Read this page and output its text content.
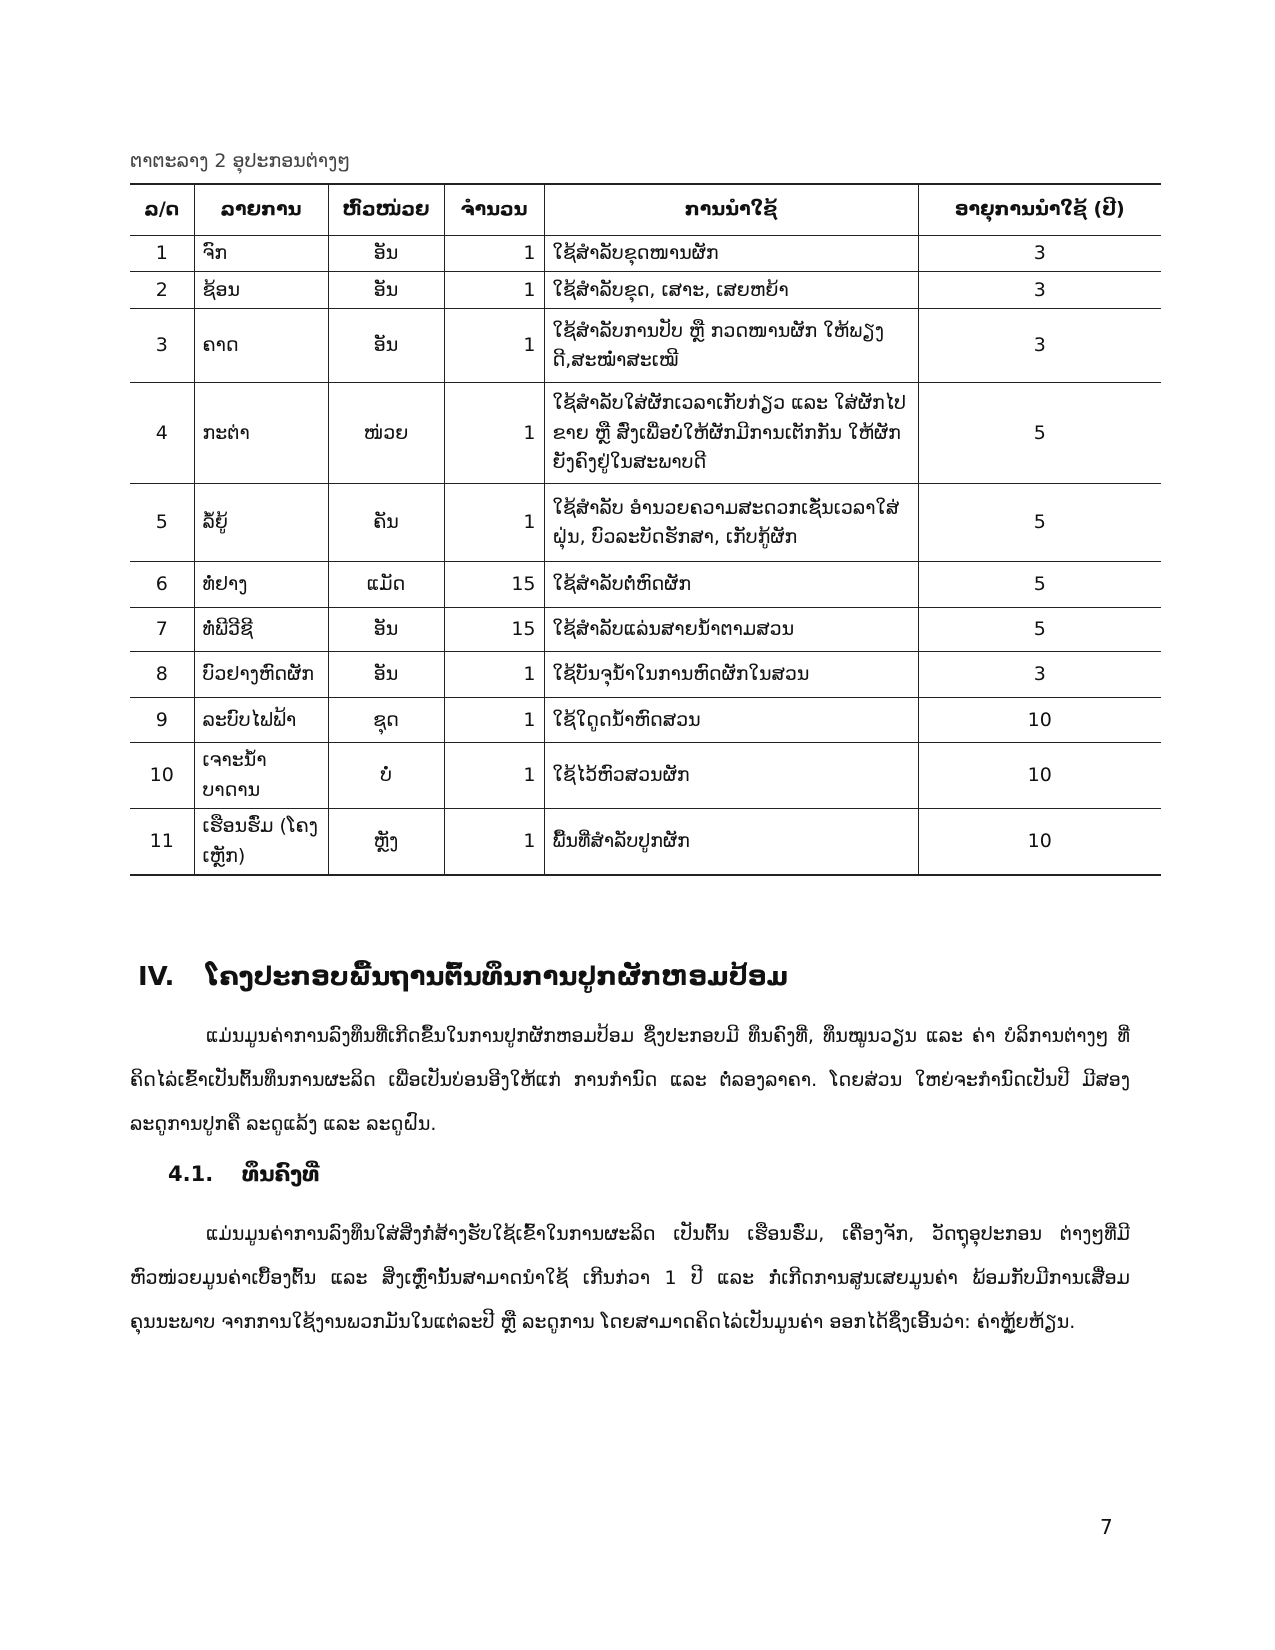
ຕາຕະລາງ 2 ອຸປະກອນຕ່າງໆ
ລ/ດ	ລາຍການ	ຫົວໜ່ວຍ	ຈຳນວນ	ການນຳໃຊ້	ອາຍຸການນຳໃຊ້ (ປີ)
1	ຈົກ	ອັນ	1	ໃຊ້ສຳລັບຂຸດໜານຜັກ	3
2	ຊ້ອນ	ອັນ	1	ໃຊ້ສຳລັບຂຸດ, ເສາະ, ເສຍຫຍ້າ	3
3	ຄາດ	ອັນ	1	ໃຊ້ສຳລັບການປັບ ຫຼື ກວດໜານຜັກ ໃຫ້ພຽງດີ,ສະໝ່ຳສະເໝີ	3
4	ກະຕ່າ	ໜ່ວຍ	1	ໃຊ້ສຳລັບໃສ່ຜັກເວລາເກັບກ່ຽວ ແລະ ໃສ່ຜັກໄປ ຂາຍ ຫຼື ສົ່ງເພື່ອບໍ່ໃຫ້ຜັກມີການເຕັກກັນ ໃຫ້ຜັກຍັງຄົງຢູ່ໃນສະພາບດີ	5
5	ລໍ້ຍູ້	ຄັນ	1	ໃຊ້ສຳລັບ ອຳນວຍຄວາມສະດວກເຊັ່ນເວລາໃສ່ ຝຸ່ນ, ບົວລະບັດຮັກສາ, ເກັບກູ້ຜັກ	5
6	ທໍ່ຢາງ	ແມັດ	15	ໃຊ້ສຳລັບຕໍ່ຫົດຜັກ	5
7	ທໍ່ພີວີຊີ	ອັນ	15	ໃຊ້ສຳລັບແລ່ນສາຍນ້ຳຕາມສວນ	5
8	ບົວຢາງຫົດຜັກ	ອັນ	1	ໃຊ້ບັນຈຸນ້ຳໃນການຫົດຜັກໃນສວນ	3
9	ລະບົບໄຟຟ້າ	ຊຸດ	1	ໃຊ້ໃດູດນ້ຳຫົດສວນ	10
10	ເຈາະນ້ຳບາດານ	ບໍ່	1	ໃຊ້ໄວ້ຫົວສວນຜັກ	10
11	ເຮືອນຮົ່ມ (ໂຄງເຫຼັກ)	ຫຼັງ	1	ພື້ນທີ່ສຳລັບປູກຜັກ	10
IV. ໂຄງປະກອບພື້ນຖານຕົ້ນທຶນການປູກຜັກຫອມປ້ອມ

ແມ່ນມູນຄ່າການລົງທຶນທີ່ເກີດຂຶ້ນໃນການປູກຜັກຫອມປ້ອມ ຊຶ່ງປະກອບມີ ທຶນຄົງທີ່, ທຶນໝູນວຽນ ແລະ ຄ່າ ບໍລິການຕ່າງໆ ທີ່ຄິດໄລ່ເຂົ້າເປັນຕົ້ນທຶນການຜະລິດ ເພື່ອເປັນບ່ອນອີງໃຫ້ແກ່ ການກຳນົດ ແລະ ຕໍ່ລອງລາຄາ. ໂດຍສ່ວນ ໃຫຍ່ຈະກຳນົດເປັນປີ ມີສອງລະດູການປູກຄື ລະດູແລ້ງ ແລະ ລະດູຝົນ.

4.1. ທຶນຄົງທີ່

ແມ່ນມູນຄ່າການລົງທຶນໃສ່ສິ່ງກໍ່ສ້າງຮັບໃຊ້ເຂົ້າໃນການຜະລິດ ເປັນຕົ້ນ ເຮືອນຮົ່ມ, ເຄື່ອງຈັກ, ວັດຖຸອຸປະກອນ ຕ່າງໆທີ່ມີຫົວໜ່ວຍມູນຄ່າເບື້ອງຕົ້ນ ແລະ ສິ່ງເຫຼົ່ານັ້ນສາມາດນຳໃຊ້ ເກີນກ່ວາ 1 ປີ ແລະ ກໍ່ເກີດການສູນເສຍມູນຄ່າ ພ້ອມກັບມີການເສື່ອມຄຸນນະພາບ ຈາກການໃຊ້ງານພວກມັນໃນແຕ່ລະປີ ຫຼື ລະດູການ ໂດຍສາມາດຄິດໄລ່ເປັນມູນຄ່າ ອອກໄດ້ຊຶ່ງເອີ້ນວ່າ: ຄ່າຫຼູ້ຍຫ້ຽນ.

7
